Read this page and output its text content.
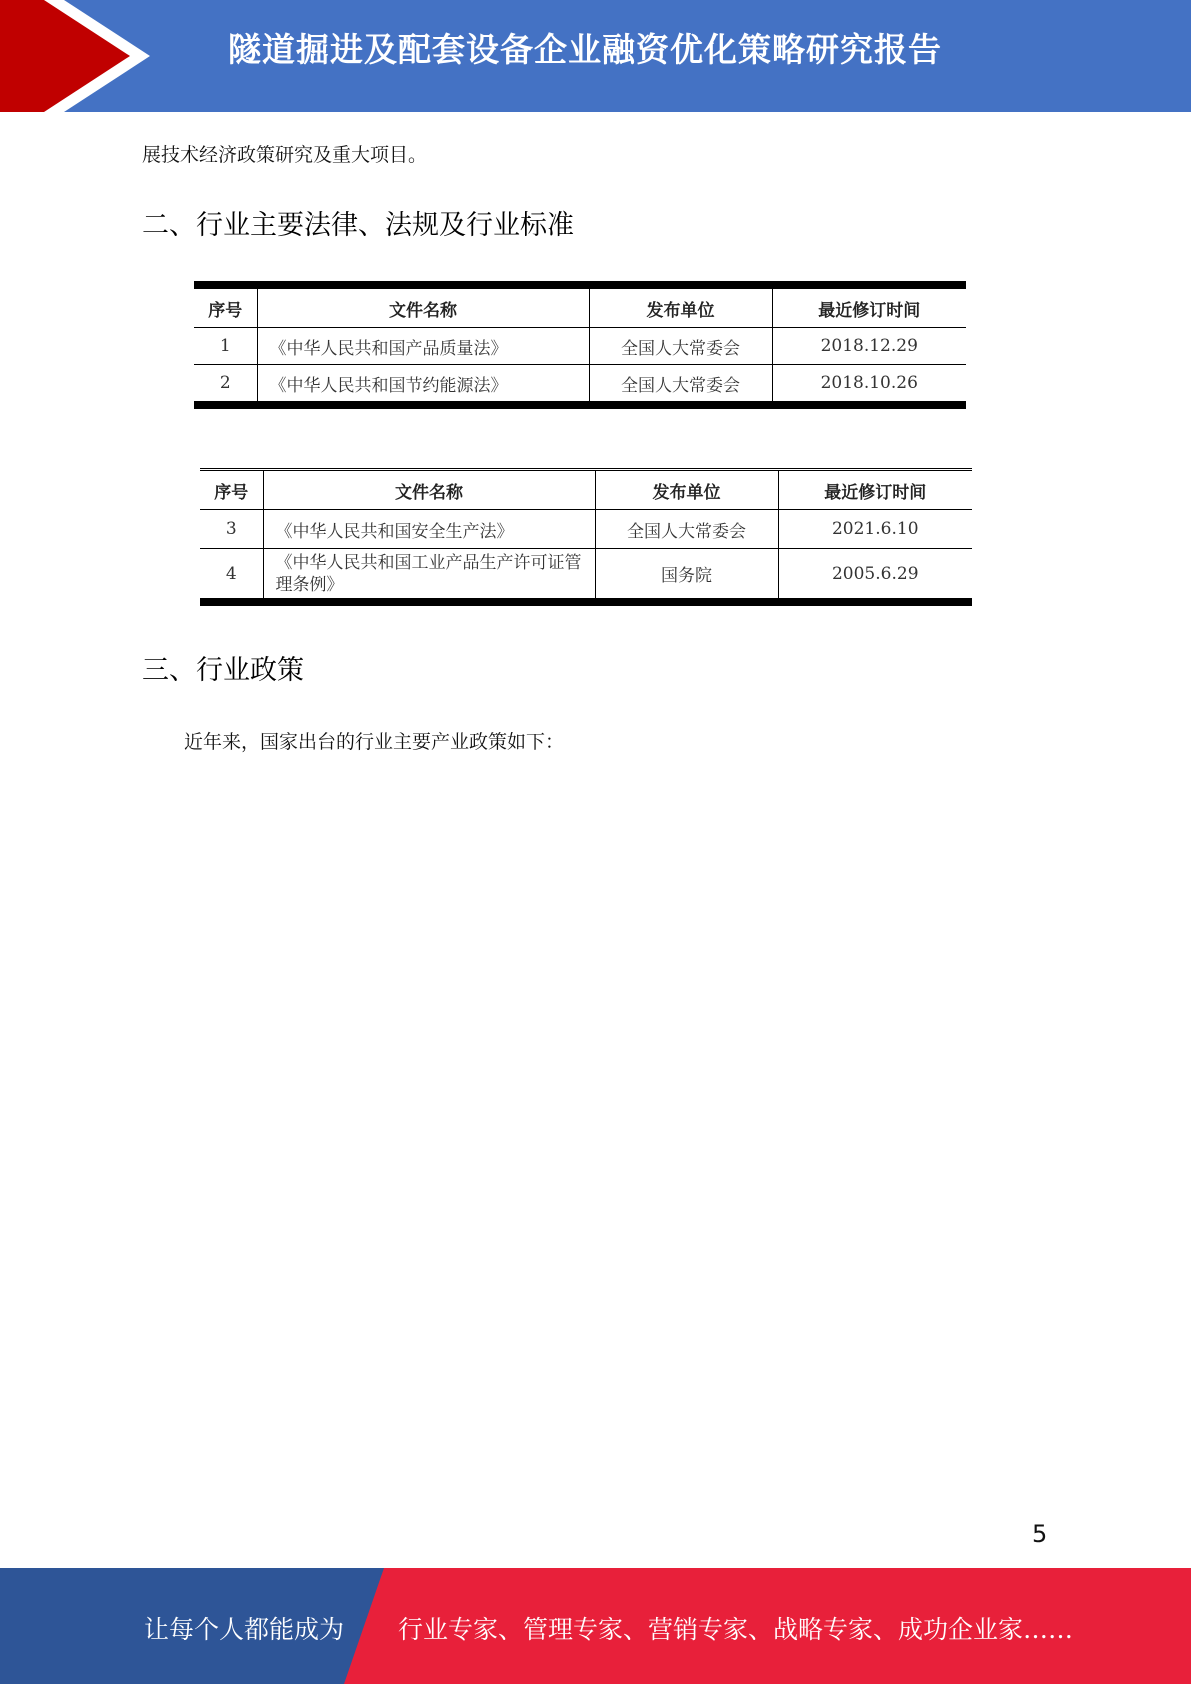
隧道掘进及配套设备企业融资优化策略研究报告
展技术经济政策研究及重大项目。
二、行业主要法律、法规及行业标准
序号	文件名称	发布单位	最近修订时间
1	《中华人民共和国产品质量法》	全国人大常委会	2018.12.29
2	《中华人民共和国节约能源法》	全国人大常委会	2018.10.26
序号	文件名称	发布单位	最近修订时间
3	《中华人民共和国安全生产法》	全国人大常委会	2021.6.10
4	《中华人民共和国工业产品生产许可证管理条例》	国务院	2005.6.29
三、行业政策
近年来，国家出台的行业主要产业政策如下：
5
让每个人都能成为 行业专家、管理专家、营销专家、战略专家、成功企业家……
